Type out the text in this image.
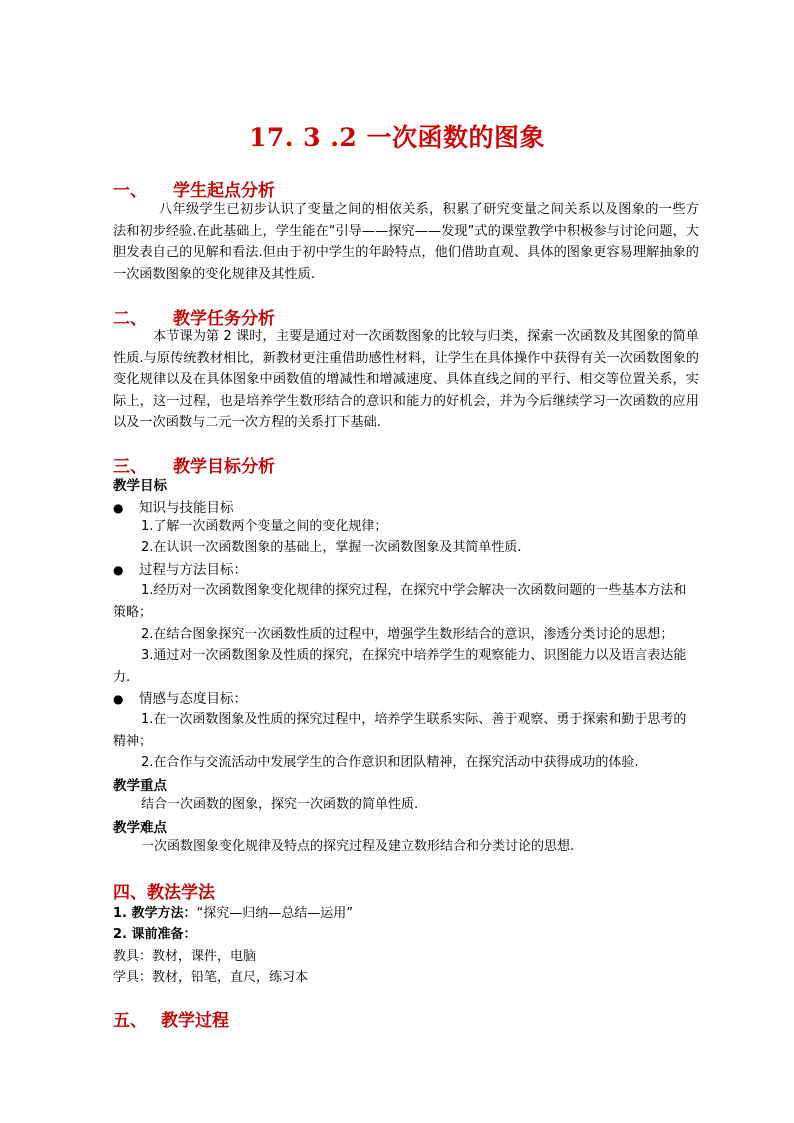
17. 3 .2 一次函数的图象
一、 学生起点分析
八年级学生已初步认识了变量之间的相依关系，积累了研究变量之间关系以及图象的一些方法和初步经验.在此基础上，学生能在“引导——探究——发现”式的课堂教学中积极参与讨论问题，大胆发表自己的见解和看法.但由于初中学生的年龄特点，他们借助直观、具体的图象更容易理解抽象的一次函数图象的变化规律及其性质.
二、 教学任务分析
本节课为第 2 课时，主要是通过对一次函数图象的比较与归类，探索一次函数及其图象的简单性质.与原传统教材相比，新教材更注重借助感性材料，让学生在具体操作中获得有关一次函数图象的变化规律以及在具体图象中函数值的增减性和增减速度、具体直线之间的平行、相交等位置关系，实际上，这一过程，也是培养学生数形结合的意识和能力的好机会，并为今后继续学习一次函数的应用以及一次函数与二元一次方程的关系打下基础.
三、 教学目标分析
教学目标
● 知识与技能目标
1.了解一次函数两个变量之间的变化规律；
2.在认识一次函数图象的基础上，掌握一次函数图象及其简单性质.
● 过程与方法目标：
1.经历对一次函数图象变化规律的探究过程，在探究中学会解决一次函数问题的一些基本方法和策略；
2.在结合图象探究一次函数性质的过程中，增强学生数形结合的意识，渗透分类讨论的思想；
3.通过对一次函数图象及性质的探究，在探究中培养学生的观察能力、识图能力以及语言表达能力.
● 情感与态度目标：
1.在一次函数图象及性质的探究过程中，培养学生联系实际、善于观察、勇于探索和勤于思考的精神；
2.在合作与交流活动中发展学生的合作意识和团队精神，在探究活动中获得成功的体验.
教学重点
结合一次函数的图象，探究一次函数的简单性质.
教学难点
一次函数图象变化规律及特点的探究过程及建立数形结合和分类讨论的思想.
四、教法学法
1. 教学方法：“探究—归纳—总结—运用”
2. 课前准备：
教具：教材，课件，电脑
学具：教材，铅笔，直尺，练习本
五、 教学过程
